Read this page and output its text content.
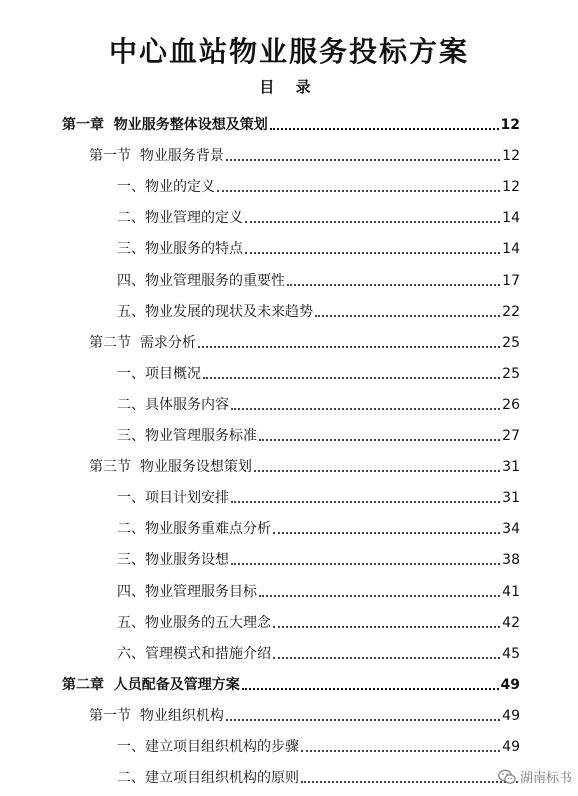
中心血站物业服务投标方案
目 录
第一章  物业服务整体设想及策划	12
第一节  物业服务背景	12
一、物业的定义	12
二、物业管理的定义	14
三、物业服务的特点	14
四、物业管理服务的重要性	17
五、物业发展的现状及未来趋势	22
第二节  需求分析	25
一、项目概况	25
二、具体服务内容	26
三、物业管理服务标准	27
第三节  物业服务设想策划	31
一、项目计划安排	31
二、物业服务重难点分析	34
三、物业服务设想	38
四、物业管理服务目标	41
五、物业服务的五大理念	42
六、管理模式和措施介绍	45
第二章  人员配备及管理方案	49
第一节  物业组织机构	49
一、建立项目组织机构的步骤	49
二、建立项目组织机构的原则	湖南标书
